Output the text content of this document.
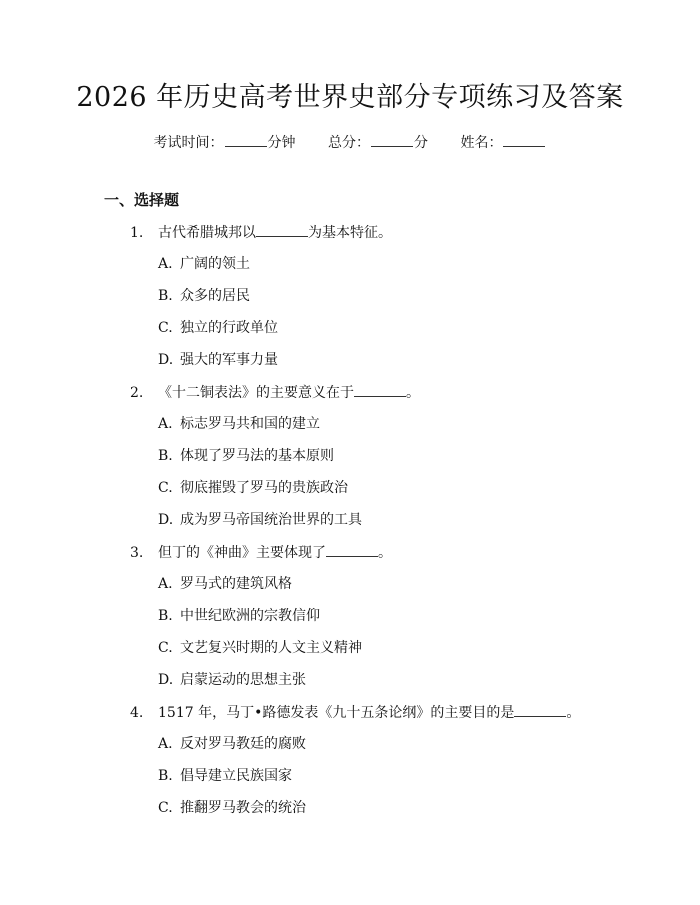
2026 年历史高考世界史部分专项练习及答案
考试时间：	分钟 总分：	分 姓名：
一、选择题
1. 古代希腊城邦以	为基本特征。
A. 广阔的领土
B. 众多的居民
C. 独立的行政单位
D. 强大的军事力量
2. 《十二铜表法》的主要意义在于	。
A. 标志罗马共和国的建立
B. 体现了罗马法的基本原则
C. 彻底摧毁了罗马的贵族政治
D. 成为罗马帝国统治世界的工具
3. 但丁的《神曲》主要体现了	。
A. 罗马式的建筑风格
B. 中世纪欧洲的宗教信仰
C. 文艺复兴时期的人文主义精神
D. 启蒙运动的思想主张
4. 1517 年，马丁•路德发表《九十五条论纲》的主要目的是	。
A. 反对罗马教廷的腐败
B. 倡导建立民族国家
C. 推翻罗马教会的统治
